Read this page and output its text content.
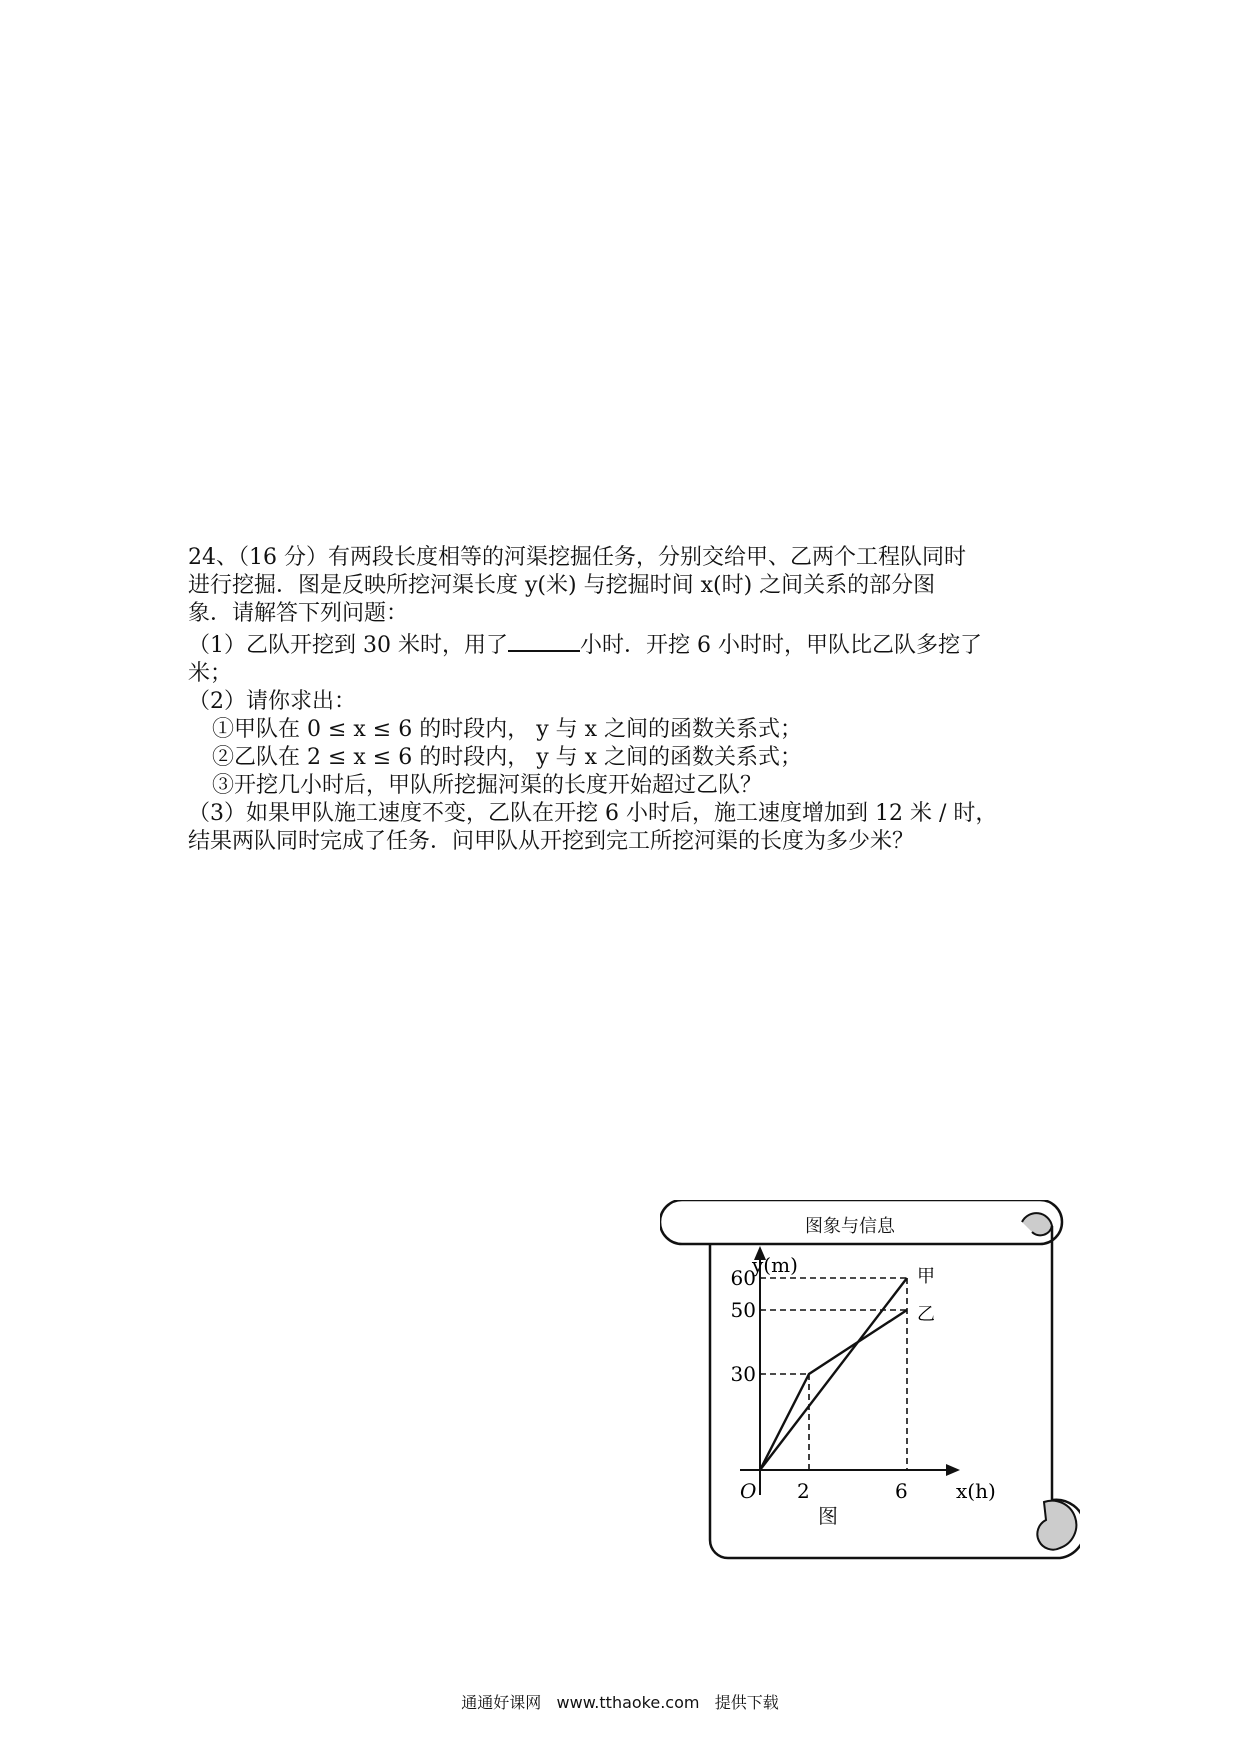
24、（16 分）有两段长度相等的河渠挖掘任务，分别交给甲、乙两个工程队同时

进行挖掘．图是反映所挖河渠长度 y(米) 与挖掘时间 x(时) 之间关系的部分图

象．请解答下列问题：

（1）乙队开挖到 30 米时，用了	小时．开挖 6 小时时，甲队比乙队多挖了

米；

（2）请你求出：

①甲队在 0 ≤ x ≤ 6 的时段内， y 与 x 之间的函数关系式；

②乙队在 2 ≤ x ≤ 6 的时段内， y 与 x 之间的函数关系式；

③开挖几小时后，甲队所挖掘河渠的长度开始超过乙队？

（3）如果甲队施工速度不变，乙队在开挖 6 小时后，施工速度增加到 12 米 / 时，

结果两队同时完成了任务．问甲队从开挖到完工所挖河渠的长度为多少米？

30
50
60
2	6
O
y(m)
x(h)
甲
乙
图象与信息
图
通通好课网 www.tthaoke.com 提供下载
